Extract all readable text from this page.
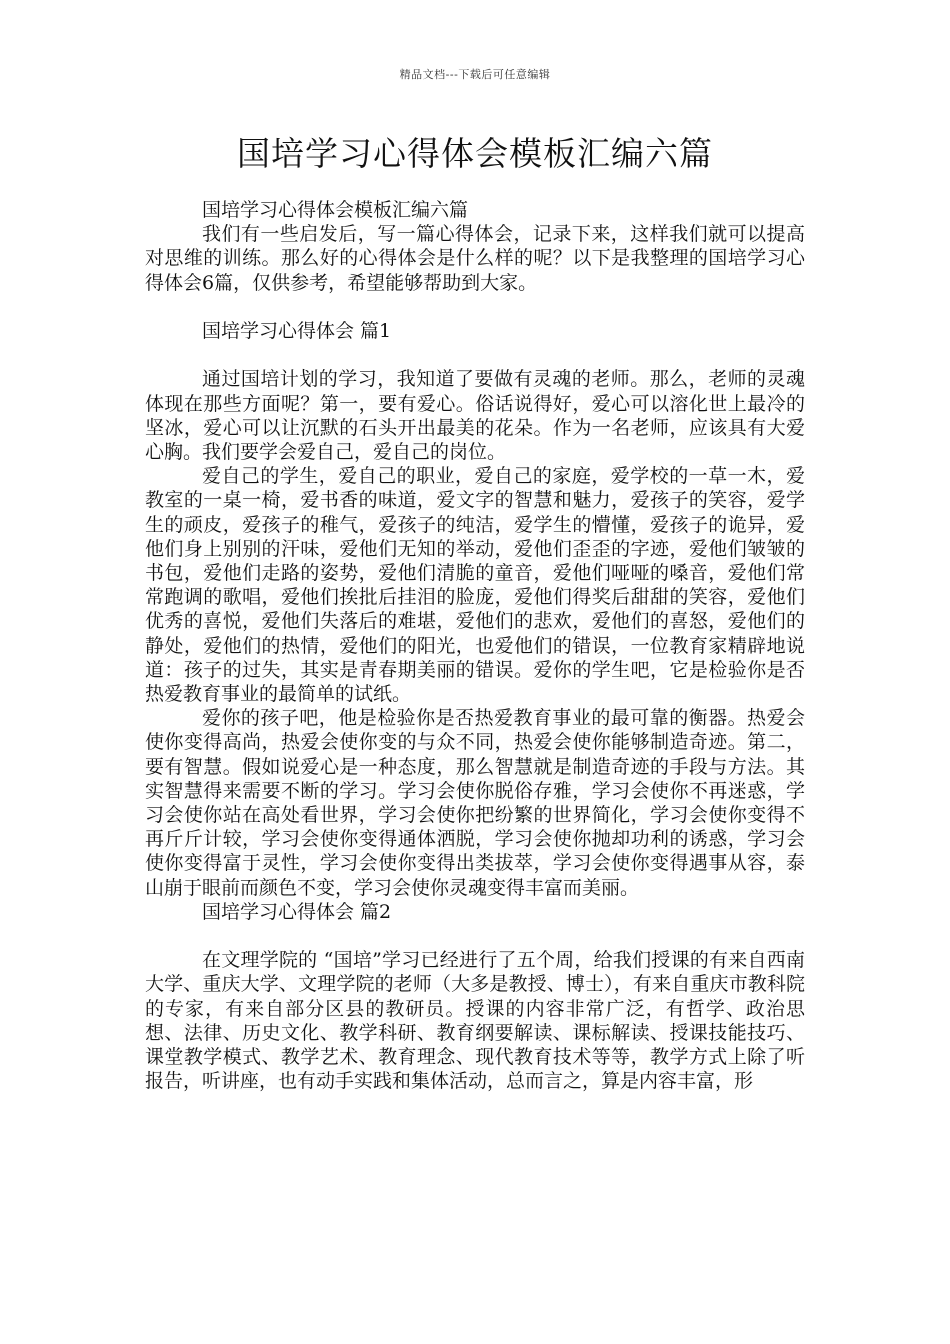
精品文档---下载后可任意编辑
国培学习心得体会模板汇编六篇

国培学习心得体会模板汇编六篇

我们有一些启发后，写一篇心得体会，记录下来，这样我们就可以提高对思维的训练。那么好的心得体会是什么样的呢？以下是我整理的国培学习心得体会6篇，仅供参考，希望能够帮助到大家。

国培学习心得体会 篇1

通过国培计划的学习，我知道了要做有灵魂的老师。那么，老师的灵魂体现在那些方面呢？第一，要有爱心。俗话说得好，爱心可以溶化世上最冷的坚冰，爱心可以让沉默的石头开出最美的花朵。作为一名老师，应该具有大爱心胸。我们要学会爱自己，爱自己的岗位。

爱自己的学生，爱自己的职业，爱自己的家庭，爱学校的一草一木，爱教室的一桌一椅，爱书香的味道，爱文字的智慧和魅力，爱孩子的笑容，爱学生的顽皮，爱孩子的稚气，爱孩子的纯洁，爱学生的懵懂，爱孩子的诡异，爱他们身上别别的汗味，爱他们无知的举动，爱他们歪歪的字迹，爱他们皱皱的书包，爱他们走路的姿势，爱他们清脆的童音，爱他们哑哑的嗓音，爱他们常常跑调的歌唱，爱他们挨批后挂泪的脸庞，爱他们得奖后甜甜的笑容，爱他们优秀的喜悦，爱他们失落后的难堪，爱他们的悲欢，爱他们的喜怒，爱他们的静处，爱他们的热情，爱他们的阳光，也爱他们的错误，一位教育家精辟地说道：孩子的过失，其实是青春期美丽的错误。爱你的学生吧，它是检验你是否热爱教育事业的最简单的试纸。

爱你的孩子吧，他是检验你是否热爱教育事业的最可靠的衡器。热爱会使你变得高尚，热爱会使你变的与众不同，热爱会使你能够制造奇迹。第二，要有智慧。假如说爱心是一种态度，那么智慧就是制造奇迹的手段与方法。其实智慧得来需要不断的学习。学习会使你脱俗存雅，学习会使你不再迷惑，学习会使你站在高处看世界，学习会使你把纷繁的世界简化，学习会使你变得不再斤斤计较，学习会使你变得通体洒脱，学习会使你抛却功利的诱惑，学习会使你变得富于灵性，学习会使你变得出类拔萃，学习会使你变得遇事从容，泰山崩于眼前而颜色不变，学习会使你灵魂变得丰富而美丽。

国培学习心得体会 篇2

在文理学院的 “国培”学习已经进行了五个周，给我们授课的有来自西南大学、重庆大学、文理学院的老师（大多是教授、博士），有来自重庆市教科院的专家，有来自部分区县的教研员。授课的内容非常广泛，有哲学、政治思想、法律、历史文化、教学科研、教育纲要解读、课标解读、授课技能技巧、课堂教学模式、教学艺术、教育理念、现代教育技术等等，教学方式上除了听报告，听讲座，也有动手实践和集体活动，总而言之，算是内容丰富，形
